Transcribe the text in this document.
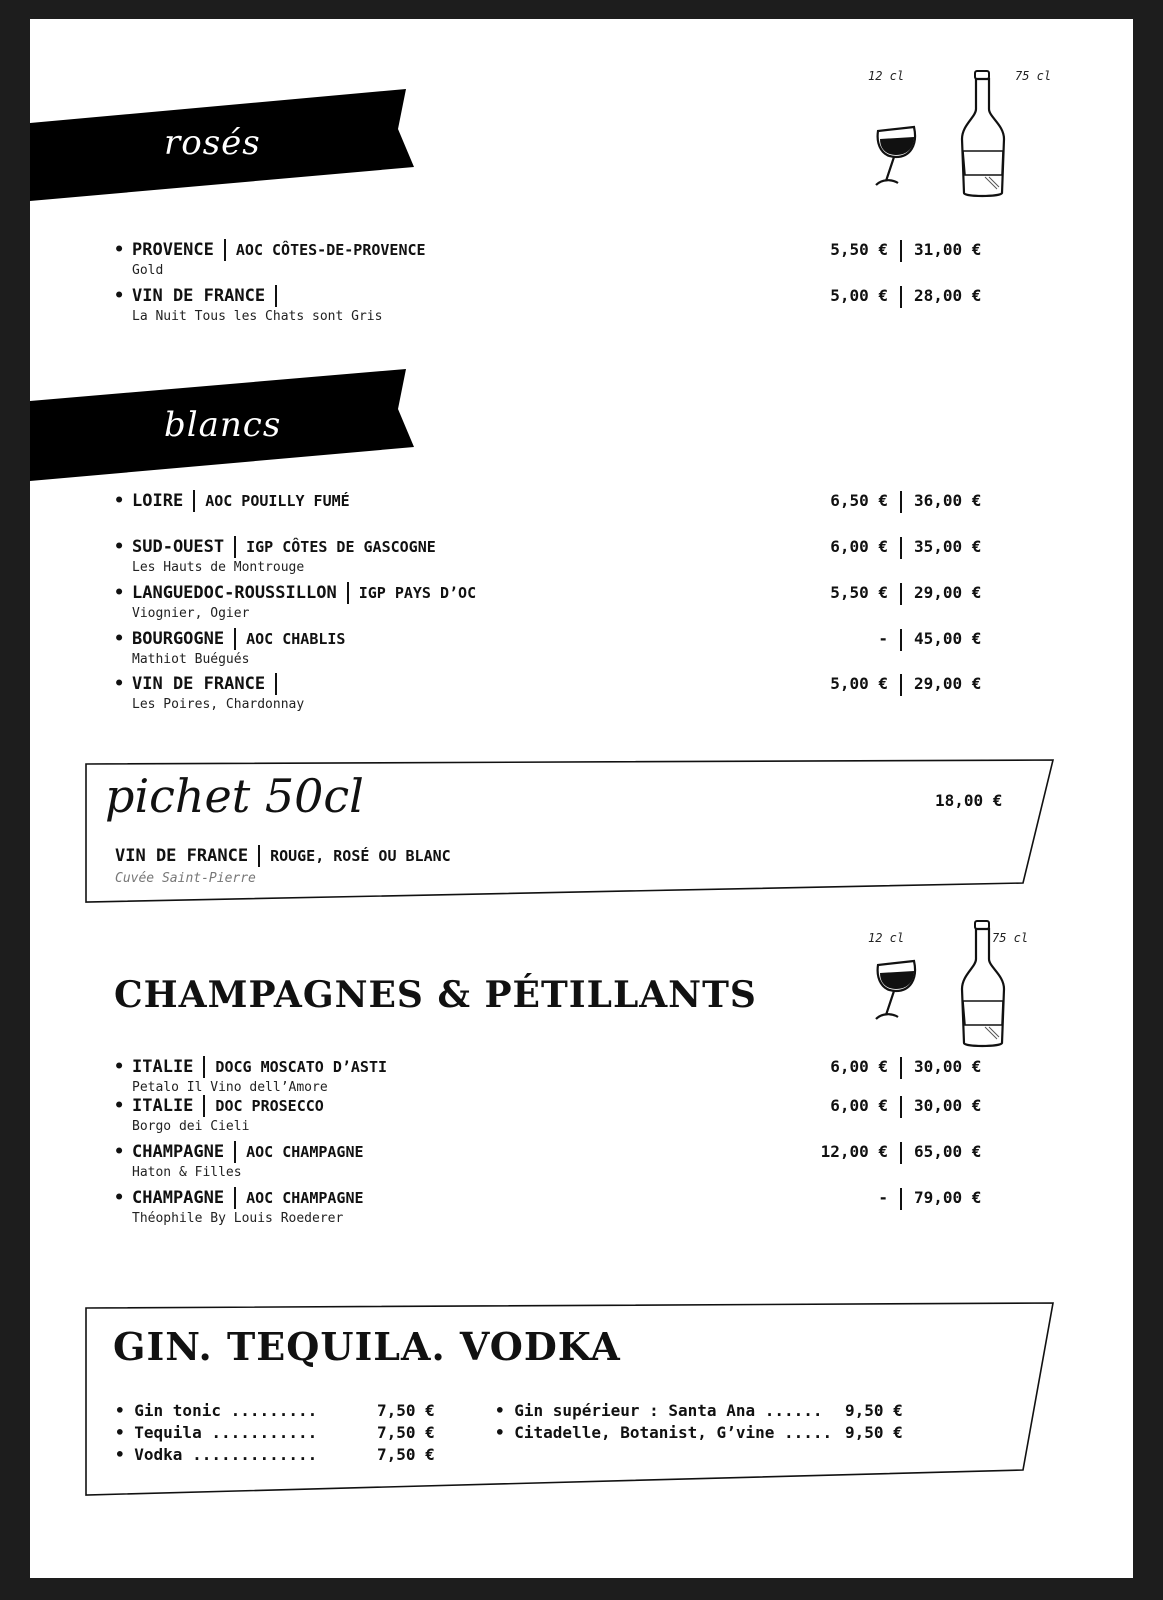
rosés
12 cl	75 cl
• PROVENCE AOC CÔTES-DE-PROVENCE
Gold
5,50 € 31,00 €
• VIN DE FRANCE
La Nuit Tous les Chats sont Gris
5,00 € 28,00 €
blancs
• LOIRE AOC POUILLY FUMÉ	6,50 € 36,00 €
• SUD-OUEST IGP CÔTES DE GASCOGNE
Les Hauts de Montrouge
6,00 € 35,00 €
• LANGUEDOC-ROUSSILLON IGP PAYS D’OC
Viognier, Ogier
5,50 € 29,00 €
• BOURGOGNE AOC CHABLIS
Mathiot Buégués
- 45,00 €
• VIN DE FRANCE
Les Poires, Chardonnay
5,00 € 29,00 €
pichet 50cl
VIN DE FRANCE ROUGE, ROSÉ OU BLANC
Cuvée Saint-Pierre
18,00 €
12 cl	75 cl
CHAMPAGNES & PÉTILLANTS
• ITALIE DOCG MOSCATO D’ASTI
Petalo Il Vino dell’Amore
6,00 € 30,00 €
• ITALIE DOC PROSECCO
Borgo dei Cieli
6,00 € 30,00 €
• CHAMPAGNE AOC CHAMPAGNE
Haton & Filles
12,00 € 65,00 €
• CHAMPAGNE AOC CHAMPAGNE
Théophile By Louis Roederer
- 79,00 €
GIN. TEQUILA. VODKA
• Gin tonic .........	7,50 €
• Tequila ...........	7,50 €
• Vodka .............	7,50 €
• Gin supérieur : Santa Ana ...... 9,50 €
• Citadelle, Botanist, G’vine ..... 9,50 €
